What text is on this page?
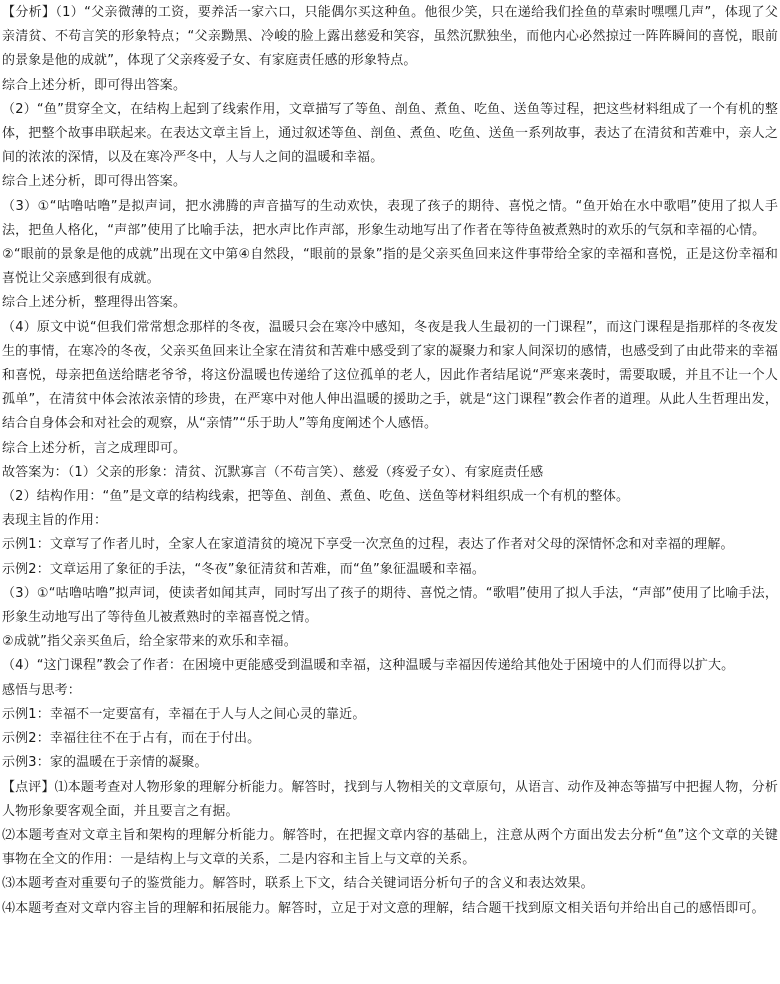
【分析】（1）“父亲微薄的工资，要养活一家六口，只能偶尔买这种鱼。他很少笑，只在递给我们拴鱼的草索时嘿嘿几声”，体现了父亲清贫、不苟言笑的形象特点；“父亲黝黑、冷峻的脸上露出慈爱和笑容，虽然沉默独坐，而他内心必然掠过一阵阵瞬间的喜悦，眼前的景象是他的成就”，体现了父亲疼爱子女、有家庭责任感的形象特点。

综合上述分析，即可得出答案。

（2）“鱼”贯穿全文，在结构上起到了线索作用，文章描写了等鱼、剖鱼、煮鱼、吃鱼、送鱼等过程，把这些材料组成了一个有机的整体，把整个故事串联起来。在表达文章主旨上，通过叙述等鱼、剖鱼、煮鱼、吃鱼、送鱼一系列故事，表达了在清贫和苦难中，亲人之间的浓浓的深情，以及在寒冷严冬中，人与人之间的温暖和幸福。

综合上述分析，即可得出答案。

（3）①“咕噜咕噜”是拟声词，把水沸腾的声音描写的生动欢快，表现了孩子的期待、喜悦之情。“鱼开始在水中歌唱”使用了拟人手法，把鱼人格化，“声部”使用了比喻手法，把水声比作声部，形象生动地写出了作者在等待鱼被煮熟时的欢乐的气氛和幸福的心情。

②“眼前的景象是他的成就”出现在文中第④自然段，“眼前的景象”指的是父亲买鱼回来这件事带给全家的幸福和喜悦，正是这份幸福和喜悦让父亲感到很有成就。

综合上述分析，整理得出答案。

（4）原文中说“但我们常常想念那样的冬夜，温暖只会在寒冷中感知，冬夜是我人生最初的一门课程”，而这门课程是指那样的冬夜发生的事情，在寒冷的冬夜，父亲买鱼回来让全家在清贫和苦难中感受到了家的凝聚力和家人间深切的感情，也感受到了由此带来的幸福和喜悦，母亲把鱼送给瞎老爷爷，将这份温暖也传递给了这位孤单的老人，因此作者结尾说“严寒来袭时，需要取暖，并且不让一个人孤单”，在清贫中体会浓浓亲情的珍贵，在严寒中对他人伸出温暖的援助之手，就是“这门课程”教会作者的道理。从此人生哲理出发，结合自身体会和对社会的观察，从“亲情”“乐于助人”等角度阐述个人感悟。

综合上述分析，言之成理即可。

故答案为：（1）父亲的形象：清贫、沉默寡言（不苟言笑）、慈爱（疼爱子女）、有家庭责任感

（2）结构作用：“鱼”是文章的结构线索，把等鱼、剖鱼、煮鱼、吃鱼、送鱼等材料组织成一个有机的整体。

表现主旨的作用：

示例1：文章写了作者儿时，全家人在家道清贫的境况下享受一次烹鱼的过程，表达了作者对父母的深情怀念和对幸福的理解。

示例2：文章运用了象征的手法，“冬夜”象征清贫和苦难，而“鱼”象征温暖和幸福。

（3）①“咕噜咕噜”拟声词，使读者如闻其声，同时写出了孩子的期待、喜悦之情。“歌唱”使用了拟人手法，“声部”使用了比喻手法，形象生动地写出了等待鱼儿被煮熟时的幸福喜悦之情。

②成就”指父亲买鱼后，给全家带来的欢乐和幸福。

（4）“这门课程”教会了作者：在困境中更能感受到温暖和幸福，这种温暖与幸福因传递给其他处于困境中的人们而得以扩大。

感悟与思考：

示例1：幸福不一定要富有，幸福在于人与人之间心灵的靠近。

示例2：幸福往往不在于占有，而在于付出。

示例3：家的温暖在于亲情的凝聚。

【点评】⑴本题考查对人物形象的理解分析能力。解答时，找到与人物相关的文章原句，从语言、动作及神态等描写中把握人物，分析人物形象要客观全面，并且要言之有据。

⑵本题考查对文章主旨和架构的理解分析能力。解答时，在把握文章内容的基础上，注意从两个方面出发去分析“鱼”这个文章的关键事物在全文的作用：一是结构上与文章的关系，二是内容和主旨上与文章的关系。

⑶本题考查对重要句子的鉴赏能力。解答时，联系上下文，结合关键词语分析句子的含义和表达效果。

⑷本题考查对文章内容主旨的理解和拓展能力。解答时，立足于对文意的理解，结合题干找到原文相关语句并给出自己的感悟即可。
